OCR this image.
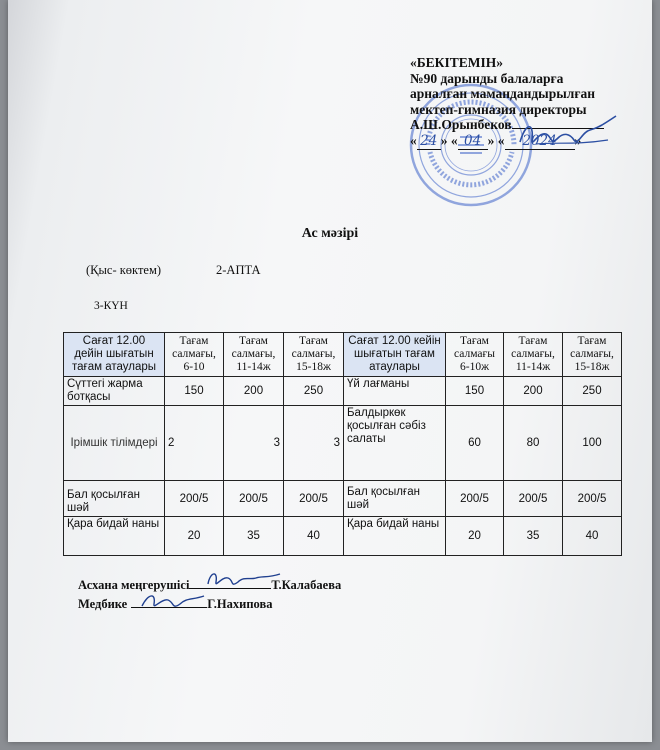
«БЕКІТЕМІН»
№90 дарынды балаларға
арналған мамандандырылған
мектеп-гимназия директоры
А.Ш.Орынбеков
« 24 » « 04 » « 2024 »
Ас мәзірі
(Қыс- көктем)	2-АПТА
3-КҮН
Сағат 12.00 дейін шығатын тағам атаулары	Тағам салмағы, 6-10	Тағам салмағы, 11-14ж	Тағам салмағы, 15-18ж	Сағат 12.00 кейін шығатын тағам атаулары	Тағам салмағы 6-10ж	Тағам салмағы, 11-14ж	Тағам салмағы, 15-18ж
Сүттегі жарма ботқасы	150	200	250	Үй лағманы	150	200	250
Ірімшік тілімдері	2	3	3	Балдыркөк қосылған сәбіз салаты	60	80	100
Бал қосылған шәй	200/5	200/5	200/5	Бал қосылған шәй	200/5	200/5	200/5
Қара бидай наны	20	35	40	Қара бидай наны	20	35	40
Асхана меңгерушісі	Т.Калабаева
Медбике	Г.Нахипова
